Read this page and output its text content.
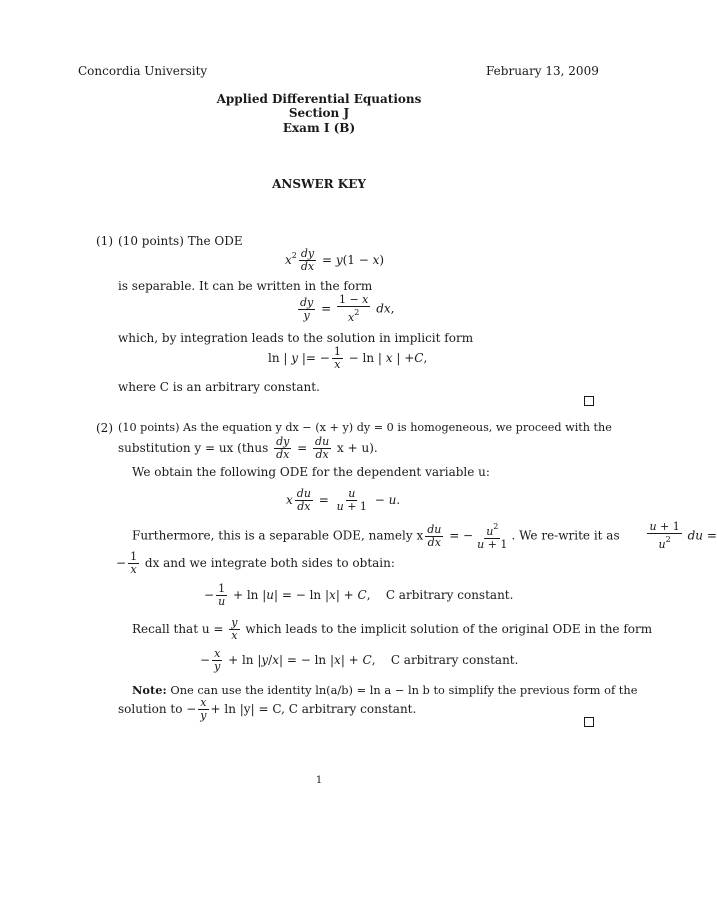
Concordia University	February 13, 2009
Applied Differential Equations
Section J
Exam I (B)
ANSWER KEY
(1) (10 points) The ODE
$x^2 \frac{dy}{dx} = y(1 - x)$
is separable. It can be written in the form
$\frac{dy}{y} = \frac{1 - x}{x^2}$ dx,
which, by integration leads to the solution in implicit form
ln | y |= − $\frac{1}{x} - \ln$ | x | +C,
where C is an arbitrary constant.
(2) (10 points) As the equation y dx − (x + y) dy = 0 is homogeneous, we proceed with the
substitution y = ux (thus $\frac{dy}{dx} = \frac{du}{dx}$ x + u).
We obtain the following ODE for the dependent variable u:
x $\frac{du}{dx} = \frac{u}{u + 1} - u$.
Furthermore, this is a separable ODE, namely x $\frac{du}{dx}$ = − $\frac{u^2}{u + 1}$ . We re-write it as	$\frac{u + 1}{u^2}$ du =
− $\frac{1}{x}$ dx and we integrate both sides to obtain:
− $\frac{1}{u} + \ln |u|$ = − ln |x| + C,    C arbitrary constant.
Recall that $u = \frac{y}{x}$ which leads to the implicit solution of the original ODE in the form
− $\frac{x}{y} + \ln |y/x|$ = − ln |x| + C,    C arbitrary constant.
Note: One can use the identity ln(a/b) = ln a − ln b to simplify the previous form of the
solution to − $\frac{x}{y} + \ln |y| = C$, C arbitrary constant.
1
